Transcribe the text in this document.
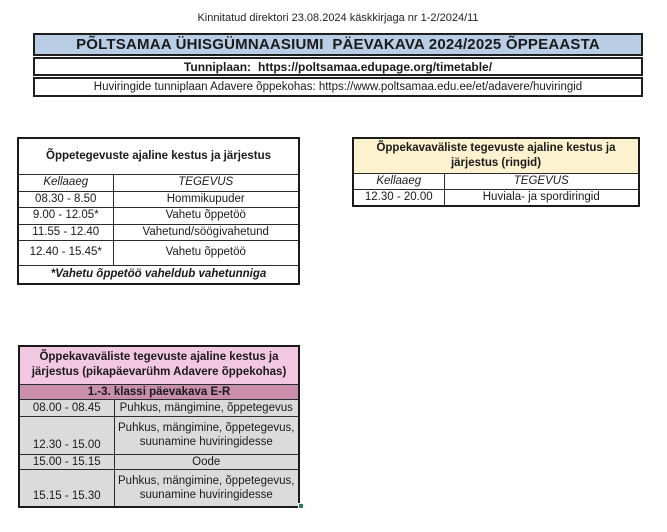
Kinnitatud direktori 23.08.2024 käskkirjaga nr 1-2/2024/11
PÕLTSAMAA ÜHISGÜMNAASIUMI  PÄEVAKAVA 2024/2025 ÕPPEAASTA
Tunniplaan: https://poltsamaa.edupage.org/timetable/
Huviringide tunniplaan Adavere õppekohas: https://www.poltsamaa.edu.ee/et/adavere/huviringid
Õppetegevuste ajaline kestus ja järjestus	
Kellaaeg	TEGEVUS
08.30 - 8.50	Hommikupuder
9.00 - 12.05*	Vahetu õppetöö
11.55 - 12.40	Vahetund/söögivahetund
12.40 - 15.45*	Vahetu õppetöö
*Vahetu õppetöö vaheldub vahetunniga	
Õppekavaväliste tegevuste ajaline kestus ja järjestus (ringid)	
Kellaaeg	TEGEVUS
12.30 - 20.00	Huviala- ja spordiringid
Õppekavaväliste tegevuste ajaline kestus ja järjestus (pikapäevarühm Adavere õppekohas)	
1.-3. klassi päevakava E-R	
08.00 - 08.45	Puhkus, mängimine, õppetegevus
12.30 - 15.00	Puhkus, mängimine, õppetegevus, suunamine huviringidesse
15.00 - 15.15	Oode
15.15 - 15.30	Puhkus, mängimine, õppetegevus, suunamine huviringidesse
